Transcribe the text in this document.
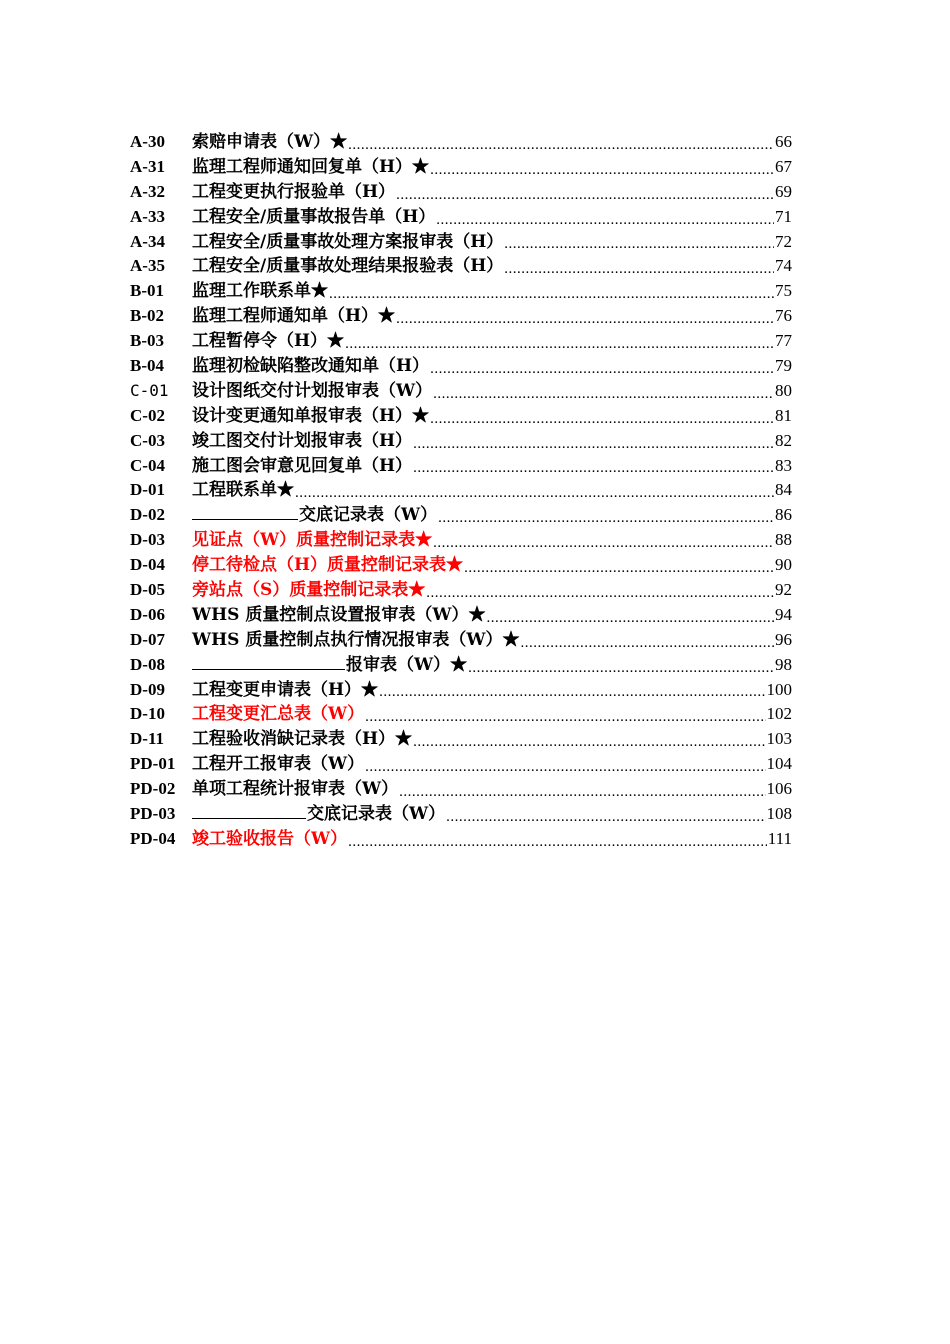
A-30	索赔申请表（W）★ .....	66
A-31	监理工程师通知回复单（H）★ .....	67
A-32	工程变更执行报验单（H） .....	69
A-33	工程安全/质量事故报告单（H） .....	71
A-34	工程安全/质量事故处理方案报审表（H） .....	72
A-35	工程安全/质量事故处理结果报验表（H） .....	74
B-01	监理工作联系单★ .....	75
B-02	监理工程师通知单（H）★ .....	76
B-03	工程暂停令（H）★ .....	77
B-04	监理初检缺陷整改通知单（H） .....	79
C-01	设计图纸交付计划报审表（W） .....	80
C-02	设计变更通知单报审表（H）★ .....	81
C-03	竣工图交付计划报审表（H） .....	82
C-04	施工图会审意见回复单（H） .....	83
D-01	工程联系单★ .....	84
D-02	交底记录表（W） .....	86
D-03	见证点（W）质量控制记录表★ .....	88
D-04	停工待检点（H）质量控制记录表★ .....	90
D-05	旁站点（S）质量控制记录表★ .....	92
D-06	WHS 质量控制点设置报审表（W）★ .....	94
D-07	WHS 质量控制点执行情况报审表（W）★ .....	96
D-08	报审表（W）★ .....	98
D-09	工程变更申请表（H）★ .....	100
D-10	工程变更汇总表（W） .....	102
D-11	工程验收消缺记录表（H）★ .....	103
PD-01 工程开工报审表（W） .....	104
PD-02 单项工程统计报审表（W） .....	106
PD-03	交底记录表（W） .....	108
PD-04 竣工验收报告（W） .....	111
